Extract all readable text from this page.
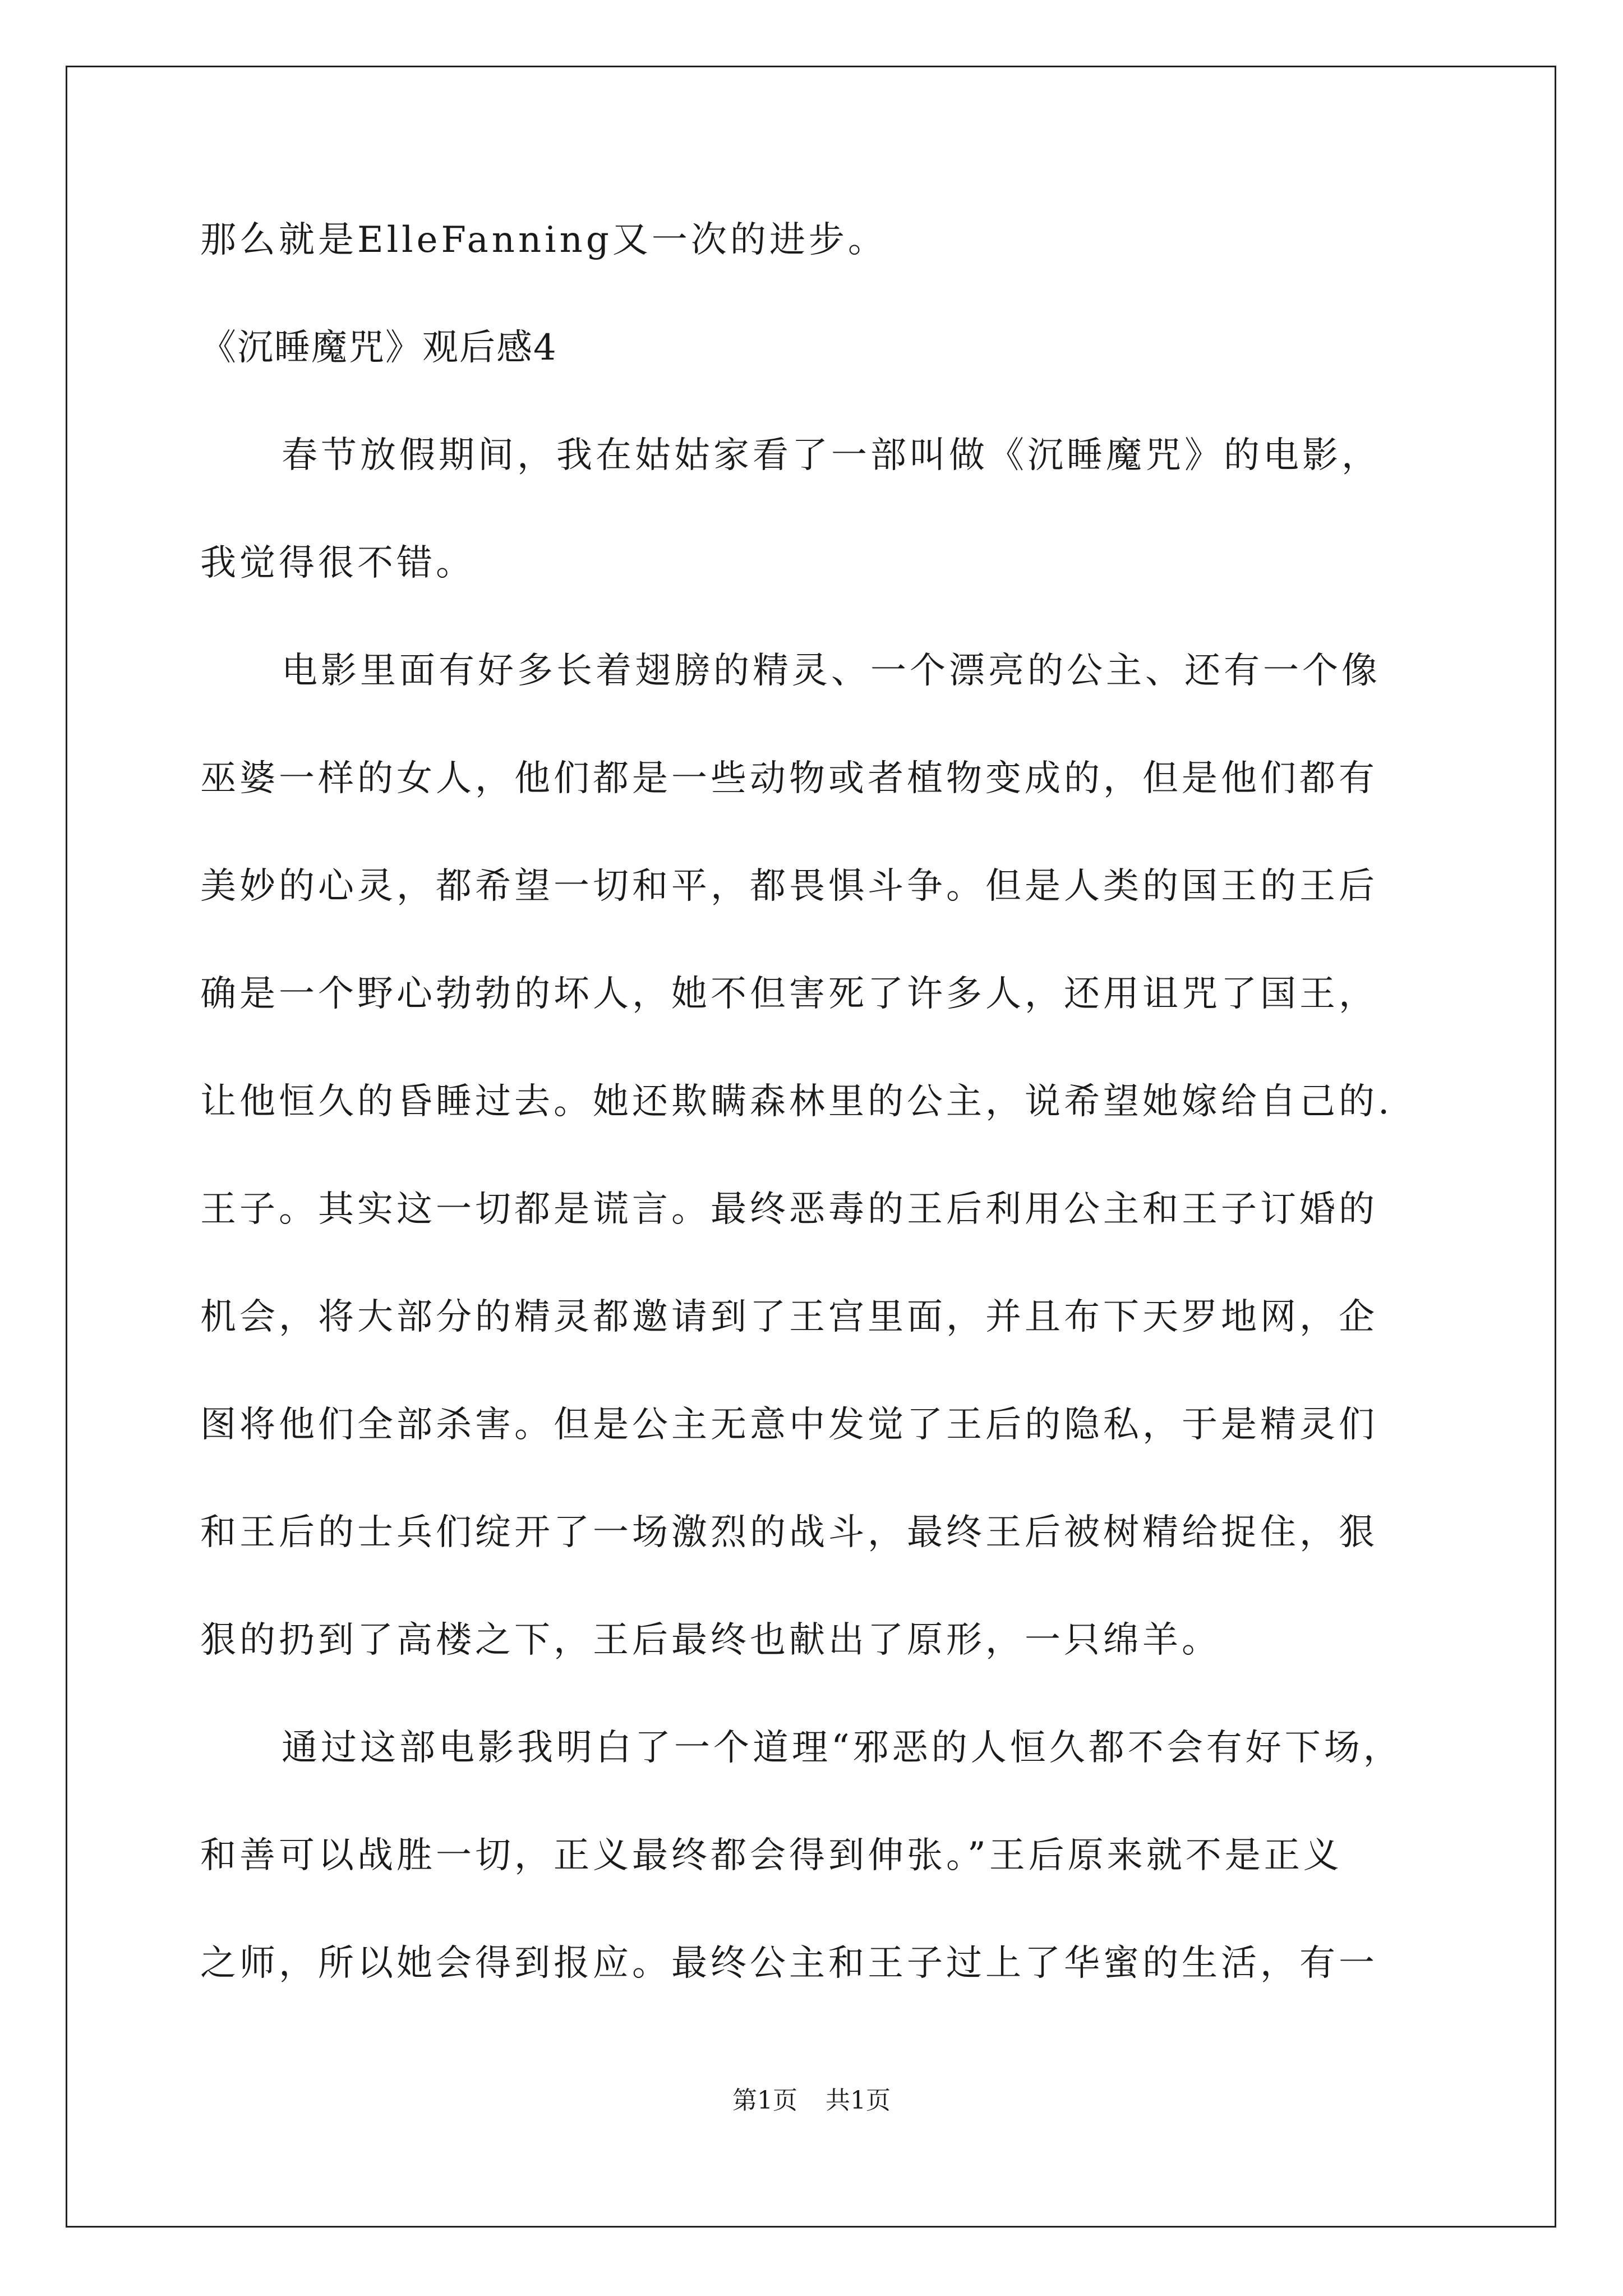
那么就是ElleFanning又一次的进步。

《沉睡魔咒》观后感4

春节放假期间，我在姑姑家看了一部叫做《沉睡魔咒》的电影，

我觉得很不错。

电影里面有好多长着翅膀的精灵、一个漂亮的公主、还有一个像

巫婆一样的女人，他们都是一些动物或者植物变成的，但是他们都有

美妙的心灵，都希望一切和平，都畏惧斗争。但是人类的国王的王后

确是一个野心勃勃的坏人，她不但害死了许多人，还用诅咒了国王，

让他恒久的昏睡过去。她还欺瞒森林里的公主，说希望她嫁给自己的.

王子。其实这一切都是谎言。最终恶毒的王后利用公主和王子订婚的

机会，将大部分的精灵都邀请到了王宫里面，并且布下天罗地网，企

图将他们全部杀害。但是公主无意中发觉了王后的隐私，于是精灵们

和王后的士兵们绽开了一场激烈的战斗，最终王后被树精给捉住，狠

狠的扔到了高楼之下，王后最终也献出了原形，一只绵羊。

通过这部电影我明白了一个道理“邪恶的人恒久都不会有好下场，

和善可以战胜一切，正义最终都会得到伸张。”王后原来就不是正义

之师，所以她会得到报应。最终公主和王子过上了华蜜的生活，有一

第1页 共1页
